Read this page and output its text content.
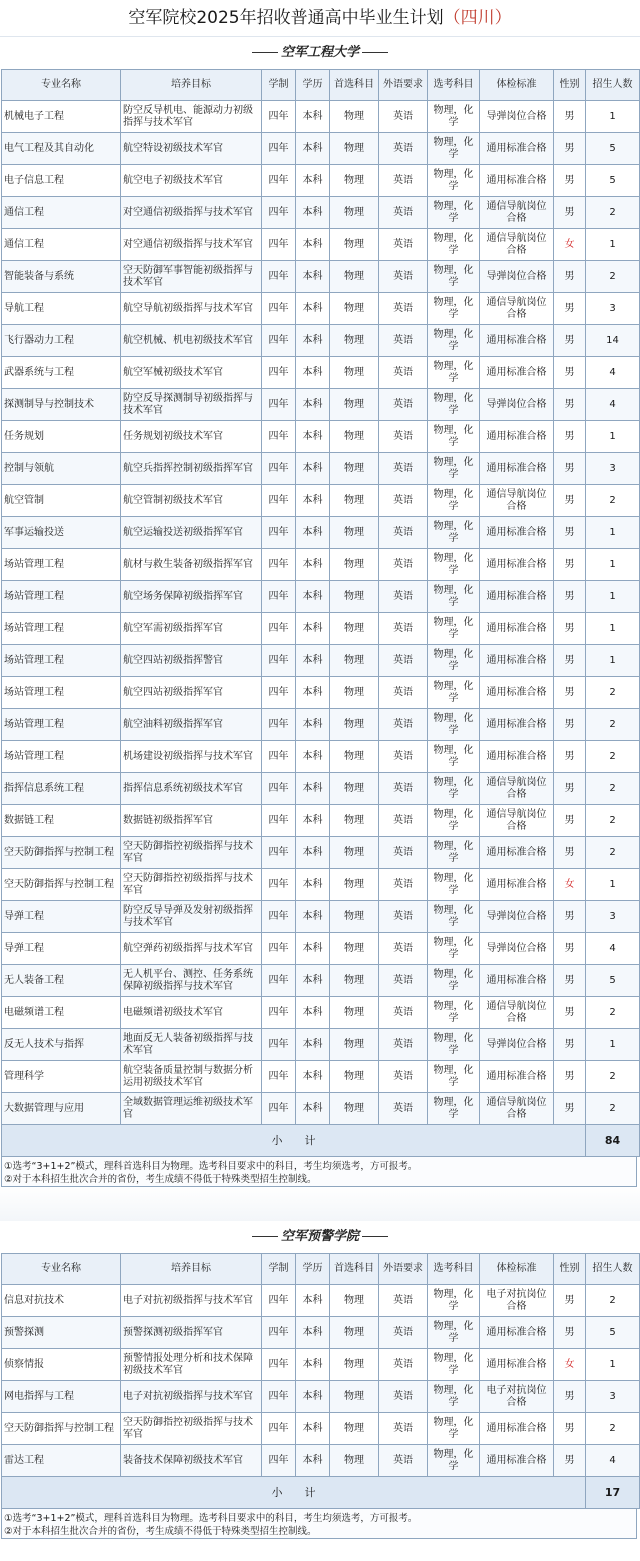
空军院校2025年招收普通高中毕业生计划（四川）
空军工程大学
专业名称	培养目标	学制	学历	首选科目	外语要求	选考科目	体检标准	性别	招生人数
机械电子工程	防空反导机电、能源动力初级指挥与技术军官	四年	本科	物理	英语	物理，化学	导弹岗位合格	男	1
电气工程及其自动化	航空特设初级技术军官	四年	本科	物理	英语	物理，化学	通用标准合格	男	5
电子信息工程	航空电子初级技术军官	四年	本科	物理	英语	物理，化学	通用标准合格	男	5
通信工程	对空通信初级指挥与技术军官	四年	本科	物理	英语	物理，化学	通信导航岗位合格	男	2
通信工程	对空通信初级指挥与技术军官	四年	本科	物理	英语	物理，化学	通信导航岗位合格	女	1
智能装备与系统	空天防御军事智能初级指挥与技术军官	四年	本科	物理	英语	物理，化学	导弹岗位合格	男	2
导航工程	航空导航初级指挥与技术军官	四年	本科	物理	英语	物理，化学	通信导航岗位合格	男	3
飞行器动力工程	航空机械、机电初级技术军官	四年	本科	物理	英语	物理，化学	通用标准合格	男	14
武器系统与工程	航空军械初级技术军官	四年	本科	物理	英语	物理，化学	通用标准合格	男	4
探测制导与控制技术	防空反导探测制导初级指挥与技术军官	四年	本科	物理	英语	物理，化学	导弹岗位合格	男	4
任务规划	任务规划初级技术军官	四年	本科	物理	英语	物理，化学	通用标准合格	男	1
控制与领航	航空兵指挥控制初级指挥军官	四年	本科	物理	英语	物理，化学	通用标准合格	男	3
航空管制	航空管制初级技术军官	四年	本科	物理	英语	物理，化学	通信导航岗位合格	男	2
军事运输投送	航空运输投送初级指挥军官	四年	本科	物理	英语	物理，化学	通用标准合格	男	1
场站管理工程	航材与救生装备初级指挥军官	四年	本科	物理	英语	物理，化学	通用标准合格	男	1
场站管理工程	航空场务保障初级指挥军官	四年	本科	物理	英语	物理，化学	通用标准合格	男	1
场站管理工程	航空军需初级指挥军官	四年	本科	物理	英语	物理，化学	通用标准合格	男	1
场站管理工程	航空四站初级指挥警官	四年	本科	物理	英语	物理，化学	通用标准合格	男	1
场站管理工程	航空四站初级指挥军官	四年	本科	物理	英语	物理，化学	通用标准合格	男	2
场站管理工程	航空油料初级指挥军官	四年	本科	物理	英语	物理，化学	通用标准合格	男	2
场站管理工程	机场建设初级指挥与技术军官	四年	本科	物理	英语	物理，化学	通用标准合格	男	2
指挥信息系统工程	指挥信息系统初级技术军官	四年	本科	物理	英语	物理，化学	通信导航岗位合格	男	2
数据链工程	数据链初级指挥军官	四年	本科	物理	英语	物理，化学	通信导航岗位合格	男	2
空天防御指挥与控制工程	空天防御指控初级指挥与技术军官	四年	本科	物理	英语	物理，化学	通用标准合格	男	2
空天防御指挥与控制工程	空天防御指控初级指挥与技术军官	四年	本科	物理	英语	物理，化学	通用标准合格	女	1
导弹工程	防空反导导弹及发射初级指挥与技术军官	四年	本科	物理	英语	物理，化学	导弹岗位合格	男	3
导弹工程	航空弹药初级指挥与技术军官	四年	本科	物理	英语	物理，化学	导弹岗位合格	男	4
无人装备工程	无人机平台、测控、任务系统保障初级指挥与技术军官	四年	本科	物理	英语	物理，化学	通用标准合格	男	5
电磁频谱工程	电磁频谱初级技术军官	四年	本科	物理	英语	物理，化学	通信导航岗位合格	男	2
反无人技术与指挥	地面反无人装备初级指挥与技术军官	四年	本科	物理	英语	物理，化学	导弹岗位合格	男	1
管理科学	航空装备质量控制与数据分析运用初级技术军官	四年	本科	物理	英语	物理，化学	通用标准合格	男	2
大数据管理与应用	全域数据管理运维初级技术军官	四年	本科	物理	英语	物理，化学	通信导航岗位合格	男	2
小　　计									84
①选考“3+1+2”模式，理科首选科目为物理。选考科目要求中的科目，考生均须选考，方可报考。
②对于本科招生批次合并的省份，考生成绩不得低于特殊类型招生控制线。
空军预警学院
专业名称	培养目标	学制	学历	首选科目	外语要求	选考科目	体检标准	性别	招生人数
信息对抗技术	电子对抗初级指挥与技术军官	四年	本科	物理	英语	物理，化学	电子对抗岗位合格	男	2
预警探测	预警探测初级指挥军官	四年	本科	物理	英语	物理，化学	通用标准合格	男	5
侦察情报	预警情报处理分析和技术保障初级技术军官	四年	本科	物理	英语	物理，化学	通用标准合格	女	1
网电指挥与工程	电子对抗初级指挥与技术军官	四年	本科	物理	英语	物理，化学	电子对抗岗位合格	男	3
空天防御指挥与控制工程	空天防御指控初级指挥与技术军官	四年	本科	物理	英语	物理，化学	通用标准合格	男	2
雷达工程	装备技术保障初级技术军官	四年	本科	物理	英语	物理，化学	通用标准合格	男	4
小　　计									17
①选考“3+1+2”模式，理科首选科目为物理。选考科目要求中的科目，考生均须选考，方可报考。
②对于本科招生批次合并的省份，考生成绩不得低于特殊类型招生控制线。
